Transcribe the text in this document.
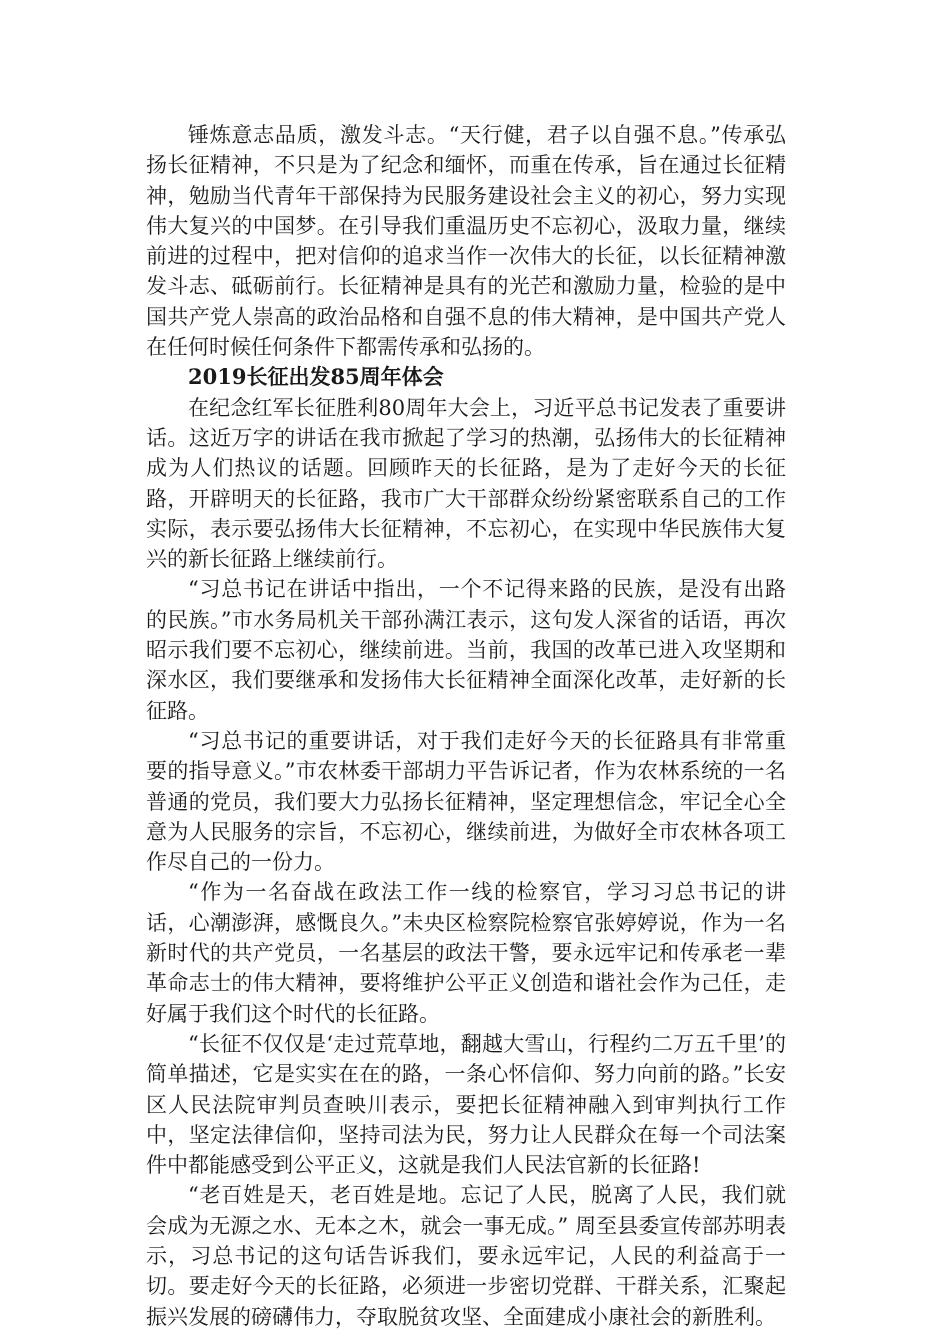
锤炼意志品质，激发斗志。“天行健，君子以自强不息。”传承弘扬长征精神，不只是为了纪念和缅怀，而重在传承，旨在通过长征精神，勉励当代青年干部保持为民服务建设社会主义的初心，努力实现伟大复兴的中国梦。在引导我们重温历史不忘初心，汲取力量，继续前进的过程中，把对信仰的追求当作一次伟大的长征，以长征精神激发斗志、砥砺前行。长征精神是具有的光芒和激励力量，检验的是中国共产党人崇高的政治品格和自强不息的伟大精神，是中国共产党人在任何时候任何条件下都需传承和弘扬的。

2019长征出发85周年体会

在纪念红军长征胜利80周年大会上，习近平总书记发表了重要讲话。这近万字的讲话在我市掀起了学习的热潮，弘扬伟大的长征精神成为人们热议的话题。回顾昨天的长征路，是为了走好今天的长征路，开辟明天的长征路，我市广大干部群众纷纷紧密联系自己的工作实际，表示要弘扬伟大长征精神，不忘初心，在实现中华民族伟大复兴的新长征路上继续前行。

“习总书记在讲话中指出，一个不记得来路的民族，是没有出路的民族。”市水务局机关干部孙满江表示，这句发人深省的话语，再次昭示我们要不忘初心，继续前进。当前，我国的改革已进入攻坚期和深水区，我们要继承和发扬伟大长征精神全面深化改革，走好新的长征路。

“习总书记的重要讲话，对于我们走好今天的长征路具有非常重要的指导意义。”市农林委干部胡力平告诉记者，作为农林系统的一名普通的党员，我们要大力弘扬长征精神，坚定理想信念，牢记全心全意为人民服务的宗旨，不忘初心，继续前进，为做好全市农林各项工作尽自己的一份力。

“作为一名奋战在政法工作一线的检察官，学习习总书记的讲话，心潮澎湃，感慨良久。”未央区检察院检察官张婷婷说，作为一名新时代的共产党员，一名基层的政法干警，要永远牢记和传承老一辈革命志士的伟大精神，要将维护公平正义创造和谐社会作为己任，走好属于我们这个时代的长征路。

“长征不仅仅是‘走过荒草地，翻越大雪山，行程约二万五千里’的简单描述，它是实实在在的路，一条心怀信仰、努力向前的路。”长安区人民法院审判员查映川表示，要把长征精神融入到审判执行工作中，坚定法律信仰，坚持司法为民，努力让人民群众在每一个司法案件中都能感受到公平正义，这就是我们人民法官新的长征路!

“老百姓是天，老百姓是地。忘记了人民，脱离了人民，我们就会成为无源之水、无本之木，就会一事无成。” 周至县委宣传部苏明表示，习总书记的这句话告诉我们，要永远牢记，人民的利益高于一切。要走好今天的长征路，必须进一步密切党群、干群关系，汇聚起振兴发展的磅礴伟力，夺取脱贫攻坚、全面建成小康社会的新胜利。
